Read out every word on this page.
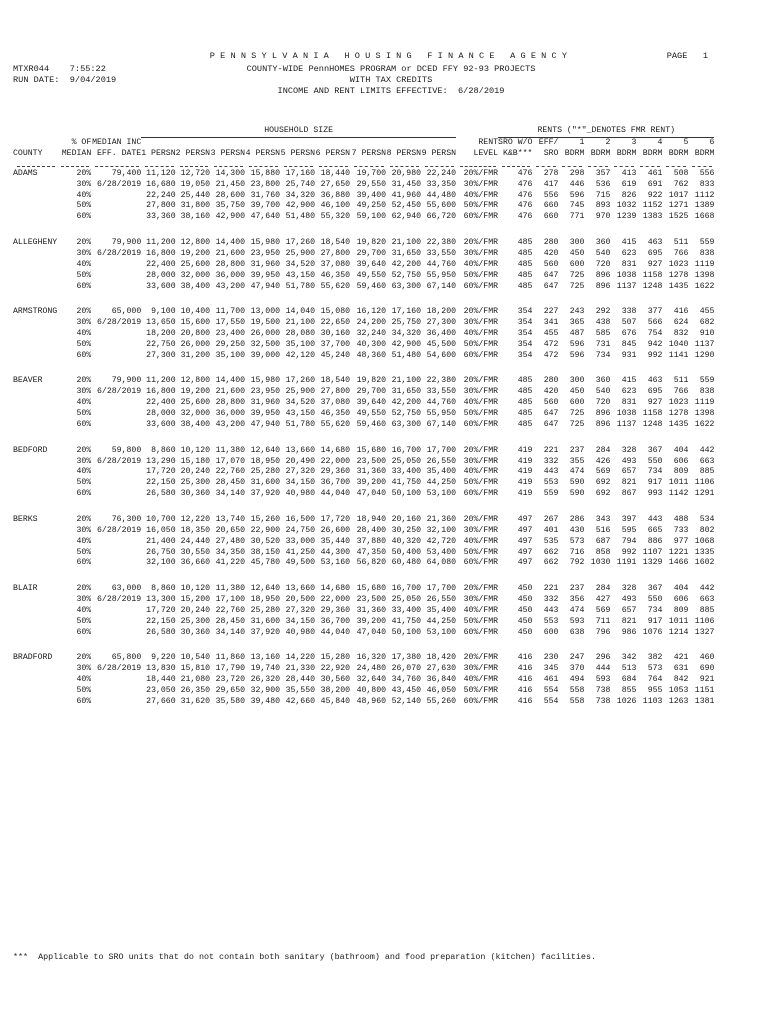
PENNSYLVANIA HOUSING FINANCE AGENCY	PAGE   1
MTXR044 7:55:22
RUN DATE: 9/04/2019
COUNTY-WIDE PennHOMES PROGRAM or DCED FFY 92-93 PROJECTS
WITH TAX CREDITS
INCOME AND RENT LIMITS EFFECTIVE:  6/28/2019
			HOUSEHOLD SIZE										RENTS ("*"_DENOTES FMR RENT)							
	% OF	MEDIAN INC										RENT	SRO W/O	EFF/	1	2	3	4	5	6
COUNTY	MEDIAN	EFF. DATE	1 PERSN	2 PERSN	3 PERSN	4 PERSN	5 PERSN	6 PERSN	7 PERSN	8 PERSN	9 PERSN	LEVEL	K&B***	SRO	BDRM	BDRM	BDRM	BDRM	BDRM	BDRM

ADAMS	20%	79,400	11,120	12,720	14,300	15,880	17,160	18,440	19,700	20,980	22,240	20%/FMR	476	278	298	357	413	461	508	556
	30%	6/28/2019	16,680	19,050	21,450	23,800	25,740	27,650	29,550	31,450	33,350	30%/FMR	476	417	446	536	619	691	762	833
	40%		22,240	25,440	28,600	31,760	34,320	36,880	39,400	41,960	44,480	40%/FMR	476	556	596	715	826	922	1017	1112
	50%		27,800	31,800	35,750	39,700	42,900	46,100	49,250	52,450	55,600	50%/FMR	476	660	745	893	1032	1152	1271	1389
	60%		33,360	38,160	42,900	47,640	51,480	55,320	59,100	62,940	66,720	60%/FMR	476	660	771	970	1239	1383	1525	1668

ALLEGHENY	20%	79,900	11,200	12,800	14,400	15,980	17,260	18,540	19,820	21,100	22,380	20%/FMR	485	280	300	360	415	463	511	559
	30%	6/28/2019	16,800	19,200	21,600	23,950	25,900	27,800	29,700	31,650	33,550	30%/FMR	485	420	450	540	623	695	766	838
	40%		22,400	25,600	28,800	31,960	34,520	37,080	39,640	42,200	44,760	40%/FMR	485	560	600	720	831	927	1023	1119
	50%		28,000	32,000	36,000	39,950	43,150	46,350	49,550	52,750	55,950	50%/FMR	485	647	725	896	1038	1158	1278	1398
	60%		33,600	38,400	43,200	47,940	51,780	55,620	59,460	63,300	67,140	60%/FMR	485	647	725	896	1137	1248	1435	1622

ARMSTRONG	20%	65,000	9,100	10,400	11,700	13,000	14,040	15,080	16,120	17,160	18,200	20%/FMR	354	227	243	292	338	377	416	455
	30%	6/28/2019	13,650	15,600	17,550	19,500	21,100	22,650	24,200	25,750	27,300	30%/FMR	354	341	365	438	507	566	624	682
	40%		18,200	20,800	23,400	26,000	28,080	30,160	32,240	34,320	36,400	40%/FMR	354	455	487	585	676	754	832	910
	50%		22,750	26,000	29,250	32,500	35,100	37,700	40,300	42,900	45,500	50%/FMR	354	472	596	731	845	942	1040	1137
	60%		27,300	31,200	35,100	39,000	42,120	45,240	48,360	51,480	54,600	60%/FMR	354	472	596	734	931	992	1141	1290

BEAVER	20%	79,900	11,200	12,800	14,400	15,980	17,260	18,540	19,820	21,100	22,380	20%/FMR	485	280	300	360	415	463	511	559
	30%	6/28/2019	16,800	19,200	21,600	23,950	25,900	27,800	29,700	31,650	33,550	30%/FMR	485	420	450	540	623	695	766	838
	40%		22,400	25,600	28,800	31,960	34,520	37,080	39,640	42,200	44,760	40%/FMR	485	560	600	720	831	927	1023	1119
	50%		28,000	32,000	36,000	39,950	43,150	46,350	49,550	52,750	55,950	50%/FMR	485	647	725	896	1038	1158	1278	1398
	60%		33,600	38,400	43,200	47,940	51,780	55,620	59,460	63,300	67,140	60%/FMR	485	647	725	896	1137	1248	1435	1622

BEDFORD	20%	59,800	8,860	10,120	11,380	12,640	13,660	14,680	15,680	16,700	17,700	20%/FMR	419	221	237	284	328	367	404	442
	30%	6/28/2019	13,290	15,180	17,070	18,950	20,490	22,000	23,500	25,050	26,550	30%/FMR	419	332	355	426	493	550	606	663
	40%		17,720	20,240	22,760	25,280	27,320	29,360	31,360	33,400	35,400	40%/FMR	419	443	474	569	657	734	809	885
	50%		22,150	25,300	28,450	31,600	34,150	36,700	39,200	41,750	44,250	50%/FMR	419	553	590	692	821	917	1011	1106
	60%		26,580	30,360	34,140	37,920	40,980	44,040	47,040	50,100	53,100	60%/FMR	419	559	590	692	867	993	1142	1291

BERKS	20%	76,300	10,700	12,220	13,740	15,260	16,500	17,720	18,940	20,160	21,360	20%/FMR	497	267	286	343	397	443	488	534
	30%	6/28/2019	16,050	18,350	20,650	22,900	24,750	26,600	28,400	30,250	32,100	30%/FMR	497	401	430	516	595	665	733	802
	40%		21,400	24,440	27,480	30,520	33,000	35,440	37,880	40,320	42,720	40%/FMR	497	535	573	687	794	886	977	1068
	50%		26,750	30,550	34,350	38,150	41,250	44,300	47,350	50,400	53,400	50%/FMR	497	662	716	858	992	1107	1221	1335
	60%		32,100	36,660	41,220	45,780	49,500	53,160	56,820	60,480	64,080	60%/FMR	497	662	792	1030	1191	1329	1466	1602

BLAIR	20%	63,000	8,860	10,120	11,380	12,640	13,660	14,680	15,680	16,700	17,700	20%/FMR	450	221	237	284	328	367	404	442
	30%	6/28/2019	13,300	15,200	17,100	18,950	20,500	22,000	23,500	25,050	26,550	30%/FMR	450	332	356	427	493	550	606	663
	40%		17,720	20,240	22,760	25,280	27,320	29,360	31,360	33,400	35,400	40%/FMR	450	443	474	569	657	734	809	885
	50%		22,150	25,300	28,450	31,600	34,150	36,700	39,200	41,750	44,250	50%/FMR	450	553	593	711	821	917	1011	1106
	60%		26,580	30,360	34,140	37,920	40,980	44,040	47,040	50,100	53,100	60%/FMR	450	600	638	796	986	1076	1214	1327

BRADFORD	20%	65,800	9,220	10,540	11,860	13,160	14,220	15,280	16,320	17,380	18,420	20%/FMR	416	230	247	296	342	382	421	460
	30%	6/28/2019	13,830	15,810	17,790	19,740	21,330	22,920	24,480	26,070	27,630	30%/FMR	416	345	370	444	513	573	631	690
	40%		18,440	21,080	23,720	26,320	28,440	30,560	32,640	34,760	36,840	40%/FMR	416	461	494	593	684	764	842	921
	50%		23,050	26,350	29,650	32,900	35,550	38,200	40,800	43,450	46,050	50%/FMR	416	554	558	738	855	955	1053	1151
	60%		27,660	31,620	35,580	39,480	42,660	45,840	48,960	52,140	55,260	60%/FMR	416	554	558	738	1026	1103	1263	1381
***  Applicable to SRO units that do not contain both sanitary (bathroom) and food preparation (kitchen) facilities.
